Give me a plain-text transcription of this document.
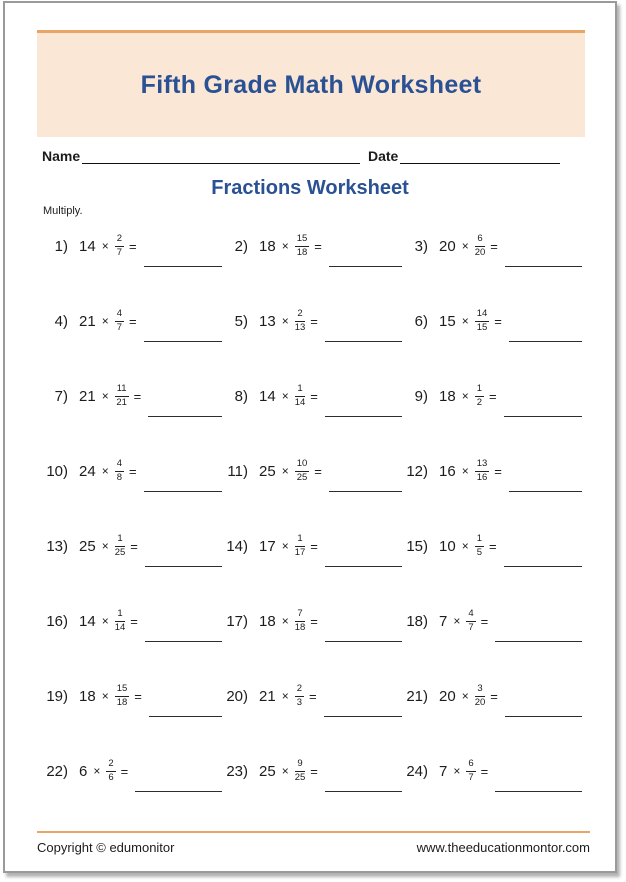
Fifth Grade Math Worksheet
Name	Date
Fractions Worksheet
Multiply.
1) $14 \times \frac{2}{7}$ =	2) $18 \times \frac{15}{18}$ =	3) $20 \times \frac{6}{20}$ =
4) $21 \times \frac{4}{7}$ =	5) $13 \times \frac{2}{13}$ =	6) $15 \times \frac{14}{15}$ =
7) $21 \times \frac{11}{21}$ =	8) $14 \times \frac{1}{14}$ =	9) $18 \times \frac{1}{2}$ =
10) $24 \times \frac{4}{8}$ =	11) $25 \times \frac{10}{25}$ =	12) $16 \times \frac{13}{16}$ =
13) $25 \times \frac{1}{25}$ =	14) $17 \times \frac{1}{17}$ =	15) $10 \times \frac{1}{5}$ =
16) $14 \times \frac{1}{14}$ =	17) $18 \times \frac{7}{18}$ =	18) $7 \times \frac{4}{7}$ =
19) $18 \times \frac{15}{18}$ =	20) $21 \times \frac{2}{3}$ =	21) $20 \times \frac{3}{20}$ =
22) $6 \times \frac{2}{6}$ =	23) $25 \times \frac{9}{25}$ =	24) $7 \times \frac{6}{7}$ =
Copyright © edumonitor	www.theeducationmontor.com
